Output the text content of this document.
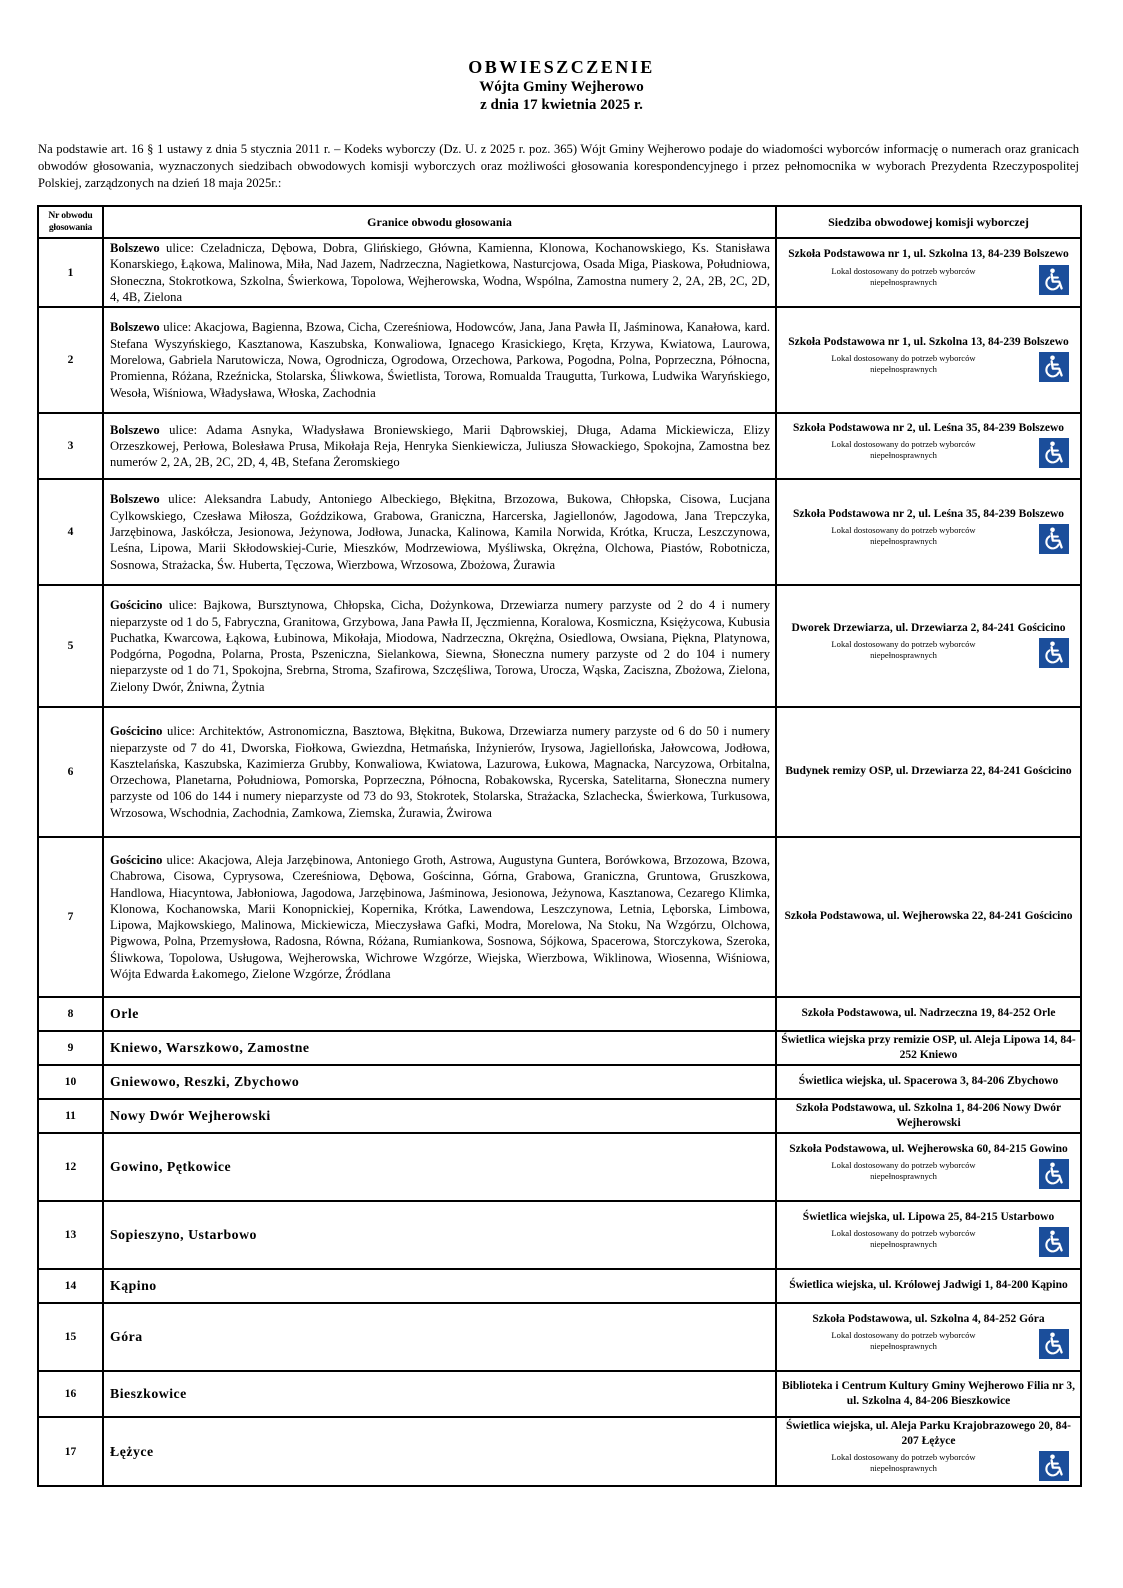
OBWIESZCZENIE
Wójta Gminy Wejherowo
z dnia 17 kwietnia 2025 r.
Na podstawie art. 16 § 1 ustawy z dnia 5 stycznia 2011 r. – Kodeks wyborczy (Dz. U. z 2025 r. poz. 365) Wójt Gminy Wejherowo podaje do wiadomości wyborców informację o numerach oraz granicach obwodów głosowania, wyznaczonych siedzibach obwodowych komisji wyborczych oraz możliwości głosowania korespondencyjnego i przez pełnomocnika w wyborach Prezydenta Rzeczypospolitej Polskiej, zarządzonych na dzień 18 maja 2025r.:
Nr obwodu głosowania	Granice obwodu głosowania	Siedziba obwodowej komisji wyborczej
1	Bolszewo ulice: Czeladnicza, Dębowa, Dobra, Glińskiego, Główna, Kamienna, Klonowa, Kochanowskiego, Ks. Stanisława Konarskiego, Łąkowa, Malinowa, Miła, Nad Jazem, Nadrzeczna, Nagietkowa, Nasturcjowa, Osada Miga, Piaskowa, Południowa, Słoneczna, Stokrotkowa, Szkolna, Świerkowa, Topolowa, Wejherowska, Wodna, Wspólna, Zamostna numery 2, 2A, 2B, 2C, 2D, 4, 4B, Zielona	Szkoła Podstawowa nr 1, ul. Szkolna 13, 84-239 Bolszewo
Lokal dostosowany do potrzeb wyborców niepełnosprawnych

2	Bolszewo ulice: Akacjowa, Bagienna, Bzowa, Cicha, Czereśniowa, Hodowców, Jana, Jana Pawła II, Jaśminowa, Kanałowa, kard. Stefana Wyszyńskiego, Kasztanowa, Kaszubska, Konwaliowa, Ignacego Krasickiego, Kręta, Krzywa, Kwiatowa, Laurowa, Morelowa, Gabriela Narutowicza, Nowa, Ogrodnicza, Ogrodowa, Orzechowa, Parkowa, Pogodna, Polna, Poprzeczna, Północna, Promienna, Różana, Rzeźnicka, Stolarska, Śliwkowa, Świetlista, Torowa, Romualda Traugutta, Turkowa, Ludwika Waryńskiego, Wesoła, Wiśniowa, Władysława, Włoska, Zachodnia	Szkoła Podstawowa nr 1, ul. Szkolna 13, 84-239 Bolszewo
Lokal dostosowany do potrzeb wyborców niepełnosprawnych

3	Bolszewo ulice: Adama Asnyka, Władysława Broniewskiego, Marii Dąbrowskiej, Długa, Adama Mickiewicza, Elizy Orzeszkowej, Perłowa, Bolesława Prusa, Mikołaja Reja, Henryka Sienkiewicza, Juliusza Słowackiego, Spokojna, Zamostna bez numerów 2, 2A, 2B, 2C, 2D, 4, 4B, Stefana Żeromskiego	Szkoła Podstawowa nr 2, ul. Leśna 35, 84-239 Bolszewo
Lokal dostosowany do potrzeb wyborców niepełnosprawnych

4	Bolszewo ulice: Aleksandra Labudy, Antoniego Albeckiego, Błękitna, Brzozowa, Bukowa, Chłopska, Cisowa, Lucjana Cylkowskiego, Czesława Miłosza, Goździkowa, Grabowa, Graniczna, Harcerska, Jagiellonów, Jagodowa, Jana Trepczyka, Jarzębinowa, Jaskółcza, Jesionowa, Jeżynowa, Jodłowa, Junacka, Kalinowa, Kamila Norwida, Krótka, Krucza, Leszczynowa, Leśna, Lipowa, Marii Skłodowskiej-Curie, Mieszków, Modrzewiowa, Myśliwska, Okrężna, Olchowa, Piastów, Robotnicza, Sosnowa, Strażacka, Św. Huberta, Tęczowa, Wierzbowa, Wrzosowa, Zbożowa, Żurawia	Szkoła Podstawowa nr 2, ul. Leśna 35, 84-239 Bolszewo
Lokal dostosowany do potrzeb wyborców niepełnosprawnych

5	Gościcino ulice: Bajkowa, Bursztynowa, Chłopska, Cicha, Dożynkowa, Drzewiarza numery parzyste od 2 do 4 i numery nieparzyste od 1 do 5, Fabryczna, Granitowa, Grzybowa, Jana Pawła II, Jęczmienna, Koralowa, Kosmiczna, Księżycowa, Kubusia Puchatka, Kwarcowa, Łąkowa, Łubinowa, Mikołaja, Miodowa, Nadrzeczna, Okrężna, Osiedlowa, Owsiana, Piękna, Platynowa, Podgórna, Pogodna, Polarna, Prosta, Pszeniczna, Sielankowa, Siewna, Słoneczna numery parzyste od 2 do 104 i numery nieparzyste od 1 do 71, Spokojna, Srebrna, Stroma, Szafirowa, Szczęśliwa, Torowa, Urocza, Wąska, Zaciszna, Zbożowa, Zielona, Zielony Dwór, Żniwna, Żytnia	Dworek Drzewiarza, ul. Drzewiarza 2, 84-241 Gościcino
Lokal dostosowany do potrzeb wyborców niepełnosprawnych

6	Gościcino ulice: Architektów, Astronomiczna, Basztowa, Błękitna, Bukowa, Drzewiarza numery parzyste od 6 do 50 i numery nieparzyste od 7 do 41, Dworska, Fiołkowa, Gwiezdna, Hetmańska, Inżynierów, Irysowa, Jagiellońska, Jałowcowa, Jodłowa, Kasztelańska, Kaszubska, Kazimierza Grubby, Konwaliowa, Kwiatowa, Lazurowa, Łukowa, Magnacka, Narcyzowa, Orbitalna, Orzechowa, Planetarna, Południowa, Pomorska, Poprzeczna, Północna, Robakowska, Rycerska, Satelitarna, Słoneczna numery parzyste od 106 do 144 i numery nieparzyste od 73 do 93, Stokrotek, Stolarska, Strażacka, Szlachecka, Świerkowa, Turkusowa, Wrzosowa, Wschodnia, Zachodnia, Zamkowa, Ziemska, Żurawia, Żwirowa	Budynek remizy OSP, ul. Drzewiarza 22, 84-241 Gościcino

7	Gościcino ulice: Akacjowa, Aleja Jarzębinowa, Antoniego Groth, Astrowa, Augustyna Guntera, Borówkowa, Brzozowa, Bzowa, Chabrowa, Cisowa, Cyprysowa, Czereśniowa, Dębowa, Gościnna, Górna, Grabowa, Graniczna, Gruntowa, Gruszkowa, Handlowa, Hiacyntowa, Jabłoniowa, Jagodowa, Jarzębinowa, Jaśminowa, Jesionowa, Jeżynowa, Kasztanowa, Cezarego Klimka, Klonowa, Kochanowska, Marii Konopnickiej, Kopernika, Krótka, Lawendowa, Leszczynowa, Letnia, Lęborska, Limbowa, Lipowa, Majkowskiego, Malinowa, Mickiewicza, Mieczysława Gafki, Modra, Morelowa, Na Stoku, Na Wzgórzu, Olchowa, Pigwowa, Polna, Przemysłowa, Radosna, Równa, Różana, Rumiankowa, Sosnowa, Sójkowa, Spacerowa, Storczykowa, Szeroka, Śliwkowa, Topolowa, Usługowa, Wejherowska, Wichrowe Wzgórze, Wiejska, Wierzbowa, Wiklinowa, Wiosenna, Wiśniowa, Wójta Edwarda Łakomego, Zielone Wzgórze, Źródlana	Szkoła Podstawowa, ul. Wejherowska 22, 84-241 Gościcino

8	Orle	Szkoła Podstawowa, ul. Nadrzeczna 19, 84-252 Orle

9	Kniewo, Warszkowo, Zamostne	Świetlica wiejska przy remizie OSP, ul. Aleja Lipowa 14, 84-252 Kniewo

10	Gniewowo, Reszki, Zbychowo	Świetlica wiejska, ul. Spacerowa 3, 84-206 Zbychowo

11	Nowy Dwór Wejherowski	Szkoła Podstawowa, ul. Szkolna 1, 84-206 Nowy Dwór Wejherowski

12	Gowino, Pętkowice	Szkoła Podstawowa, ul. Wejherowska 60, 84-215 Gowino
Lokal dostosowany do potrzeb wyborców niepełnosprawnych

13	Sopieszyno, Ustarbowo	Świetlica wiejska, ul. Lipowa 25, 84-215 Ustarbowo
Lokal dostosowany do potrzeb wyborców niepełnosprawnych

14	Kąpino	Świetlica wiejska, ul. Królowej Jadwigi 1, 84-200 Kąpino

15	Góra	Szkoła Podstawowa, ul. Szkolna 4, 84-252 Góra
Lokal dostosowany do potrzeb wyborców niepełnosprawnych

16	Bieszkowice	Biblioteka i Centrum Kultury Gminy Wejherowo Filia nr 3, ul. Szkolna 4, 84-206 Bieszkowice

17	Łężyce	Świetlica wiejska, ul. Aleja Parku Krajobrazowego 20, 84-207 Łężyce
Lokal dostosowany do potrzeb wyborców niepełnosprawnych
